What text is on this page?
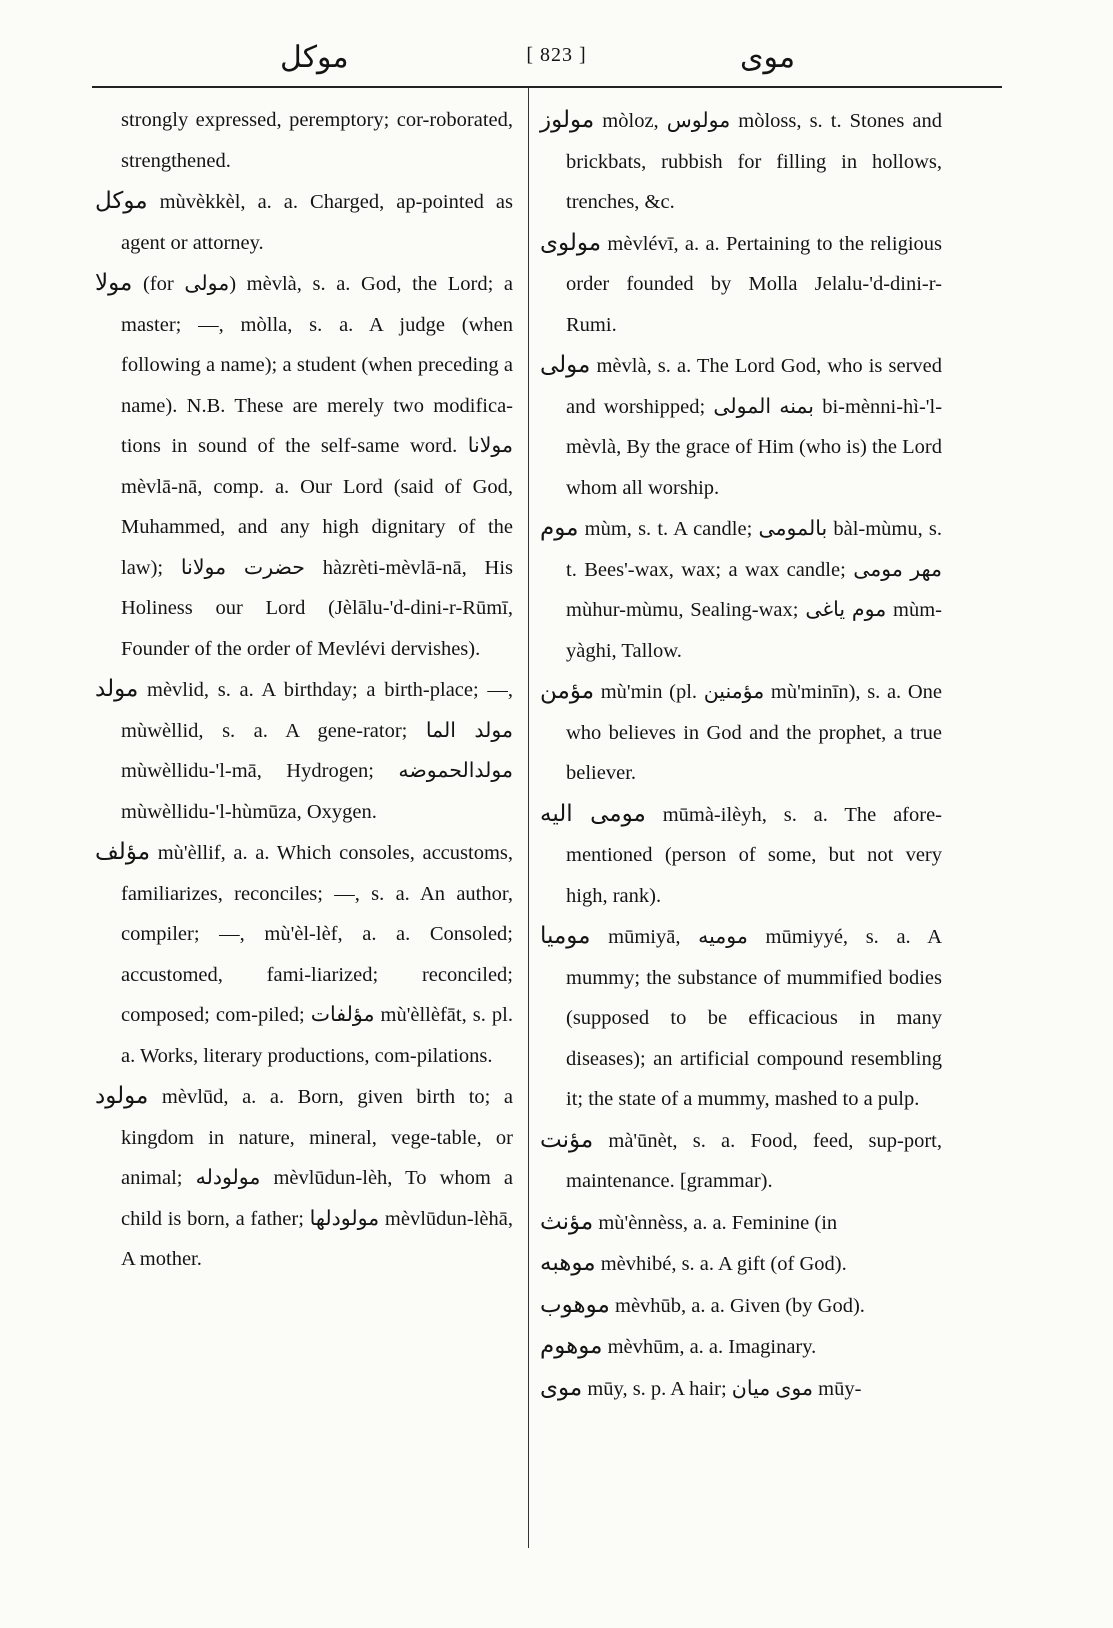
موكل	[ 823 ]	موى
strongly expressed, peremptory; cor-roborated, strengthened.
موكل mùvèkkèl, a. a. Charged, ap-pointed as agent or attorney.
مولا (for مولى) mèvlà, s. a. God, the Lord; a master; —, mòlla, s. a. A judge (when following a name); a student (when preceding a name). N.B. These are merely two modifica-tions in sound of the self-same word. مولانا mèvlā-nā, comp. a. Our Lord (said of God, Muhammed, and any high dignitary of the law); حضرت مولانا hàzrèti-mèvlā-nā, His Holiness our Lord (Jèlālu-'d-dini-r-Rūmī, Founder of the order of Mevlévi dervishes).
مولد mèvlid, s. a. A birthday; a birth-place; —, mùwèllid, s. a. A gene-rator; مولد الما mùwèllidu-'l-mā, Hydrogen; مولدالحموضه mùwèllidu-'l-hùmūza, Oxygen.
مؤلف mù'èllif, a. a. Which consoles, accustoms, familiarizes, reconciles; —, s. a. An author, compiler; —, mù'èl-lèf, a. a. Consoled; accustomed, fami-liarized; reconciled; composed; com-piled; مؤلفات mù'èllèfāt, s. pl. a. Works, literary productions, com-pilations.
مولود mèvlūd, a. a. Born, given birth to; a kingdom in nature, mineral, vege-table, or animal; مولودله mèvlūdun-lèh, To whom a child is born, a father; مولودلها mèvlūdun-lèhā, A mother.
مولوز mòloz, مولوس mòloss, s. t. Stones and brickbats, rubbish for filling in hollows, trenches, &c.
مولوى mèvlévī, a. a. Pertaining to the religious order founded by Molla Jelalu-'d-dini-r-Rumi.
مولى mèvlà, s. a. The Lord God, who is served and worshipped; بمنه المولى bi-mènni-hì-'l-mèvlà, By the grace of Him (who is) the Lord whom all worship.
موم mùm, s. t. A candle; بالمومى bàl-mùmu, s. t. Bees'-wax, wax; a wax candle; مهر مومى mùhur-mùmu, Sealing-wax; موم ياغى mùm-yàghi, Tallow.
مؤمن mù'min (pl. مؤمنين mù'minīn), s. a. One who believes in God and the prophet, a true believer.
مومى اليه mūmà-ilèyh, s. a. The afore-mentioned (person of some, but not very high, rank).
موميا mūmiyā, موميه mūmiyyé, s. a. A mummy; the substance of mummified bodies (supposed to be efficacious in many diseases); an artificial compound resembling it; the state of a mummy, mashed to a pulp.
مؤنت mà'ūnèt, s. a. Food, feed, sup-port, maintenance. [grammar).
مؤنث mù'ènnèss, a. a. Feminine (in
موهبه mèvhibé, s. a. A gift (of God).
موهوب mèvhūb, a. a. Given (by God).
موهوم mèvhūm, a. a. Imaginary.
موى mūy, s. p. A hair; موى ميان mūy-
